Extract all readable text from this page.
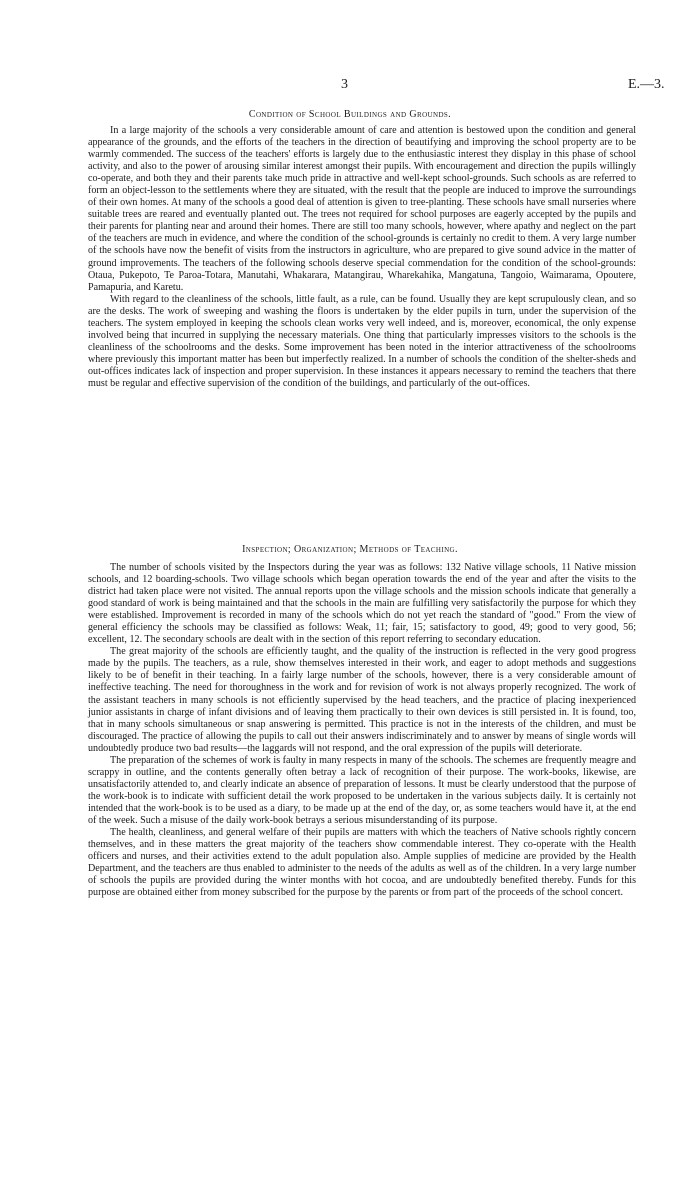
3	E.—3.
Condition of School Buildings and Grounds.

In a large majority of the schools a very considerable amount of care and attention is bestowed upon the condition and general appearance of the grounds, and the efforts of the teachers in the direction of beautifying and improving the school property are to be warmly commended. The success of the teachers' efforts is largely due to the enthusiastic interest they display in this phase of school activity, and also to the power of arousing similar interest amongst their pupils. With encouragement and direction the pupils willingly co-operate, and both they and their parents take much pride in attractive and well-kept school-grounds. Such schools as are referred to form an object-lesson to the settlements where they are situated, with the result that the people are induced to improve the surroundings of their own homes. At many of the schools a good deal of attention is given to tree-planting. These schools have small nurseries where suitable trees are reared and eventually planted out. The trees not required for school purposes are eagerly accepted by the pupils and their parents for planting near and around their homes. There are still too many schools, however, where apathy and neglect on the part of the teachers are much in evidence, and where the condition of the school-grounds is certainly no credit to them. A very large number of the schools have now the benefit of visits from the instructors in agriculture, who are prepared to give sound advice in the matter of ground improvements. The teachers of the following schools deserve special commendation for the condition of the school-grounds: Otaua, Pukepoto, Te Paroa-Totara, Manutahi, Whakarara, Matangirau, Wharekahika, Mangatuna, Tangoio, Waimarama, Opoutere, Pamapuria, and Karetu.

With regard to the cleanliness of the schools, little fault, as a rule, can be found. Usually they are kept scrupulously clean, and so are the desks. The work of sweeping and washing the floors is undertaken by the elder pupils in turn, under the supervision of the teachers. The system employed in keeping the schools clean works very well indeed, and is, moreover, economical, the only expense involved being that incurred in supplying the necessary materials. One thing that particularly impresses visitors to the schools is the cleanliness of the schoolrooms and the desks. Some improvement has been noted in the interior attractiveness of the schoolrooms where previously this important matter has been but imperfectly realized. In a number of schools the condition of the shelter-sheds and out-offices indicates lack of inspection and proper supervision. In these instances it appears necessary to remind the teachers that there must be regular and effective supervision of the condition of the buildings, and particularly of the out-offices.

Inspection; Organization; Methods of Teaching.

The number of schools visited by the Inspectors during the year was as follows: 132 Native village schools, 11 Native mission schools, and 12 boarding-schools. Two village schools which began operation towards the end of the year and after the visits to the district had taken place were not visited. The annual reports upon the village schools and the mission schools indicate that generally a good standard of work is being maintained and that the schools in the main are fulfilling very satisfactorily the purpose for which they were established. Improvement is recorded in many of the schools which do not yet reach the standard of "good." From the view of general efficiency the schools may be classified as follows: Weak, 11; fair, 15; satisfactory to good, 49; good to very good, 56; excellent, 12. The secondary schools are dealt with in the section of this report referring to secondary education.

The great majority of the schools are efficiently taught, and the quality of the instruction is reflected in the very good progress made by the pupils. The teachers, as a rule, show themselves interested in their work, and eager to adopt methods and suggestions likely to be of benefit in their teaching. In a fairly large number of the schools, however, there is a very considerable amount of ineffective teaching. The need for thoroughness in the work and for revision of work is not always properly recognized. The work of the assistant teachers in many schools is not efficiently supervised by the head teachers, and the practice of placing inexperienced junior assistants in charge of infant divisions and of leaving them practically to their own devices is still persisted in. It is found, too, that in many schools simultaneous or snap answering is permitted. This practice is not in the interests of the children, and must be discouraged. The practice of allowing the pupils to call out their answers indiscriminately and to answer by means of single words will undoubtedly produce two bad results—the laggards will not respond, and the oral expression of the pupils will deteriorate.

The preparation of the schemes of work is faulty in many respects in many of the schools. The schemes are frequently meagre and scrappy in outline, and the contents generally often betray a lack of recognition of their purpose. The work-books, likewise, are unsatisfactorily attended to, and clearly indicate an absence of preparation of lessons. It must be clearly understood that the purpose of the work-book is to indicate with sufficient detail the work proposed to be undertaken in the various subjects daily. It is certainly not intended that the work-book is to be used as a diary, to be made up at the end of the day, or, as some teachers would have it, at the end of the week. Such a misuse of the daily work-book betrays a serious misunderstanding of its purpose.

The health, cleanliness, and general welfare of their pupils are matters with which the teachers of Native schools rightly concern themselves, and in these matters the great majority of the teachers show commendable interest. They co-operate with the Health officers and nurses, and their activities extend to the adult population also. Ample supplies of medicine are provided by the Health Department, and the teachers are thus enabled to administer to the needs of the adults as well as of the children. In a very large number of schools the pupils are provided during the winter months with hot cocoa, and are undoubtedly benefited thereby. Funds for this purpose are obtained either from money subscribed for the purpose by the parents or from part of the proceeds of the school concert.
